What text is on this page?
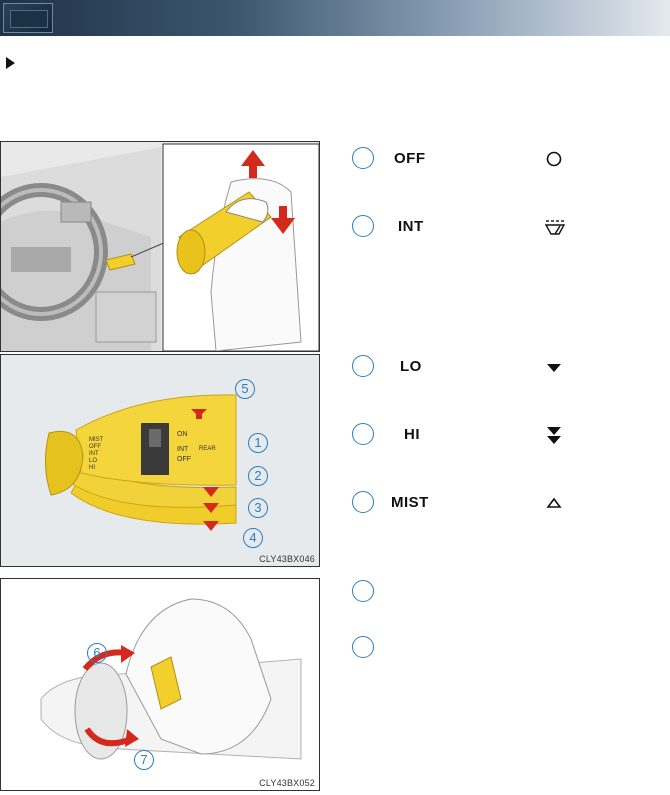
MIST
OFF
INT
LO
HI
ON
INT
OFF
REAR
5
1
2
3
4
CLY43BX046
6
7
CLY43BX052
OFF
INT
LO
HI
MIST
